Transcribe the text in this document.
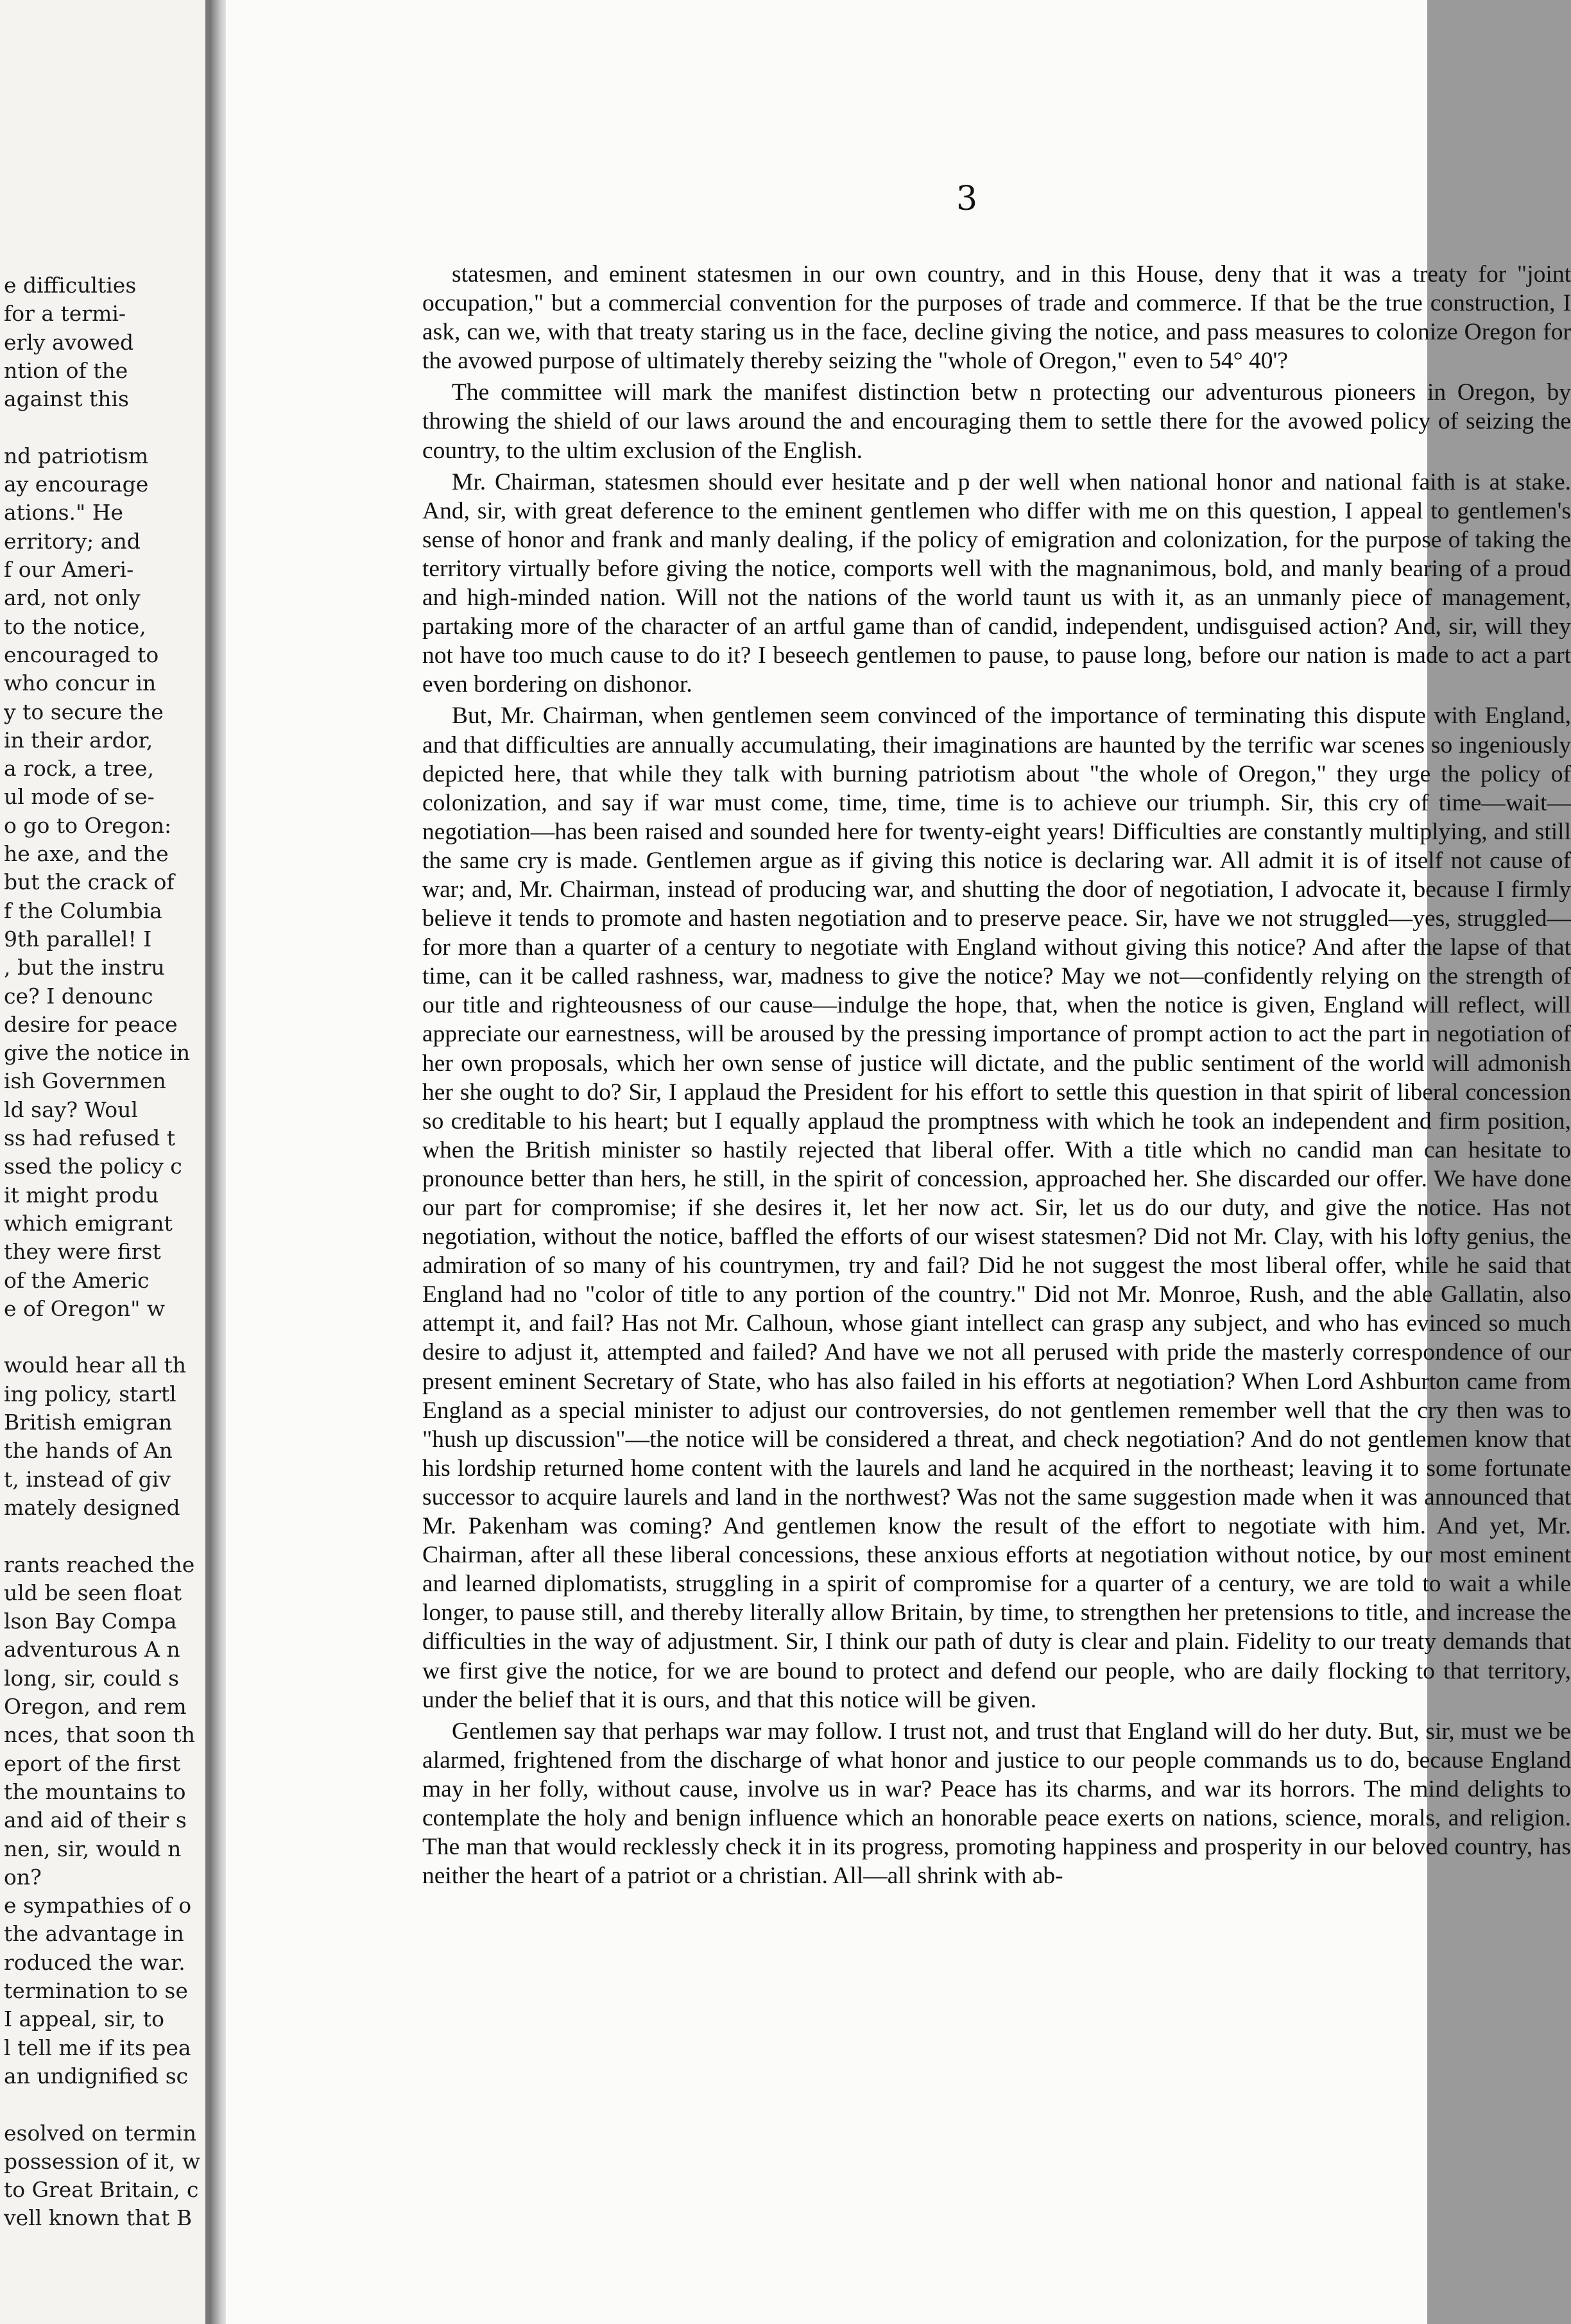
e difficulties
for a termi-
erly avowed
ntion of the
against this
nd patriotism
ay encourage
ations." He
erritory; and
f our Ameri-
ard, not only
to the notice,
encouraged to
who concur in
y to secure the
in their ardor,
a rock, a tree,
ul mode of se-
o go to Oregon:
he axe, and the
but the crack of
f the Columbia
9th parallel! I
, but the instru
ce? I denounc
desire for peace
give the notice in
ish Governmen
ld say? Woul
ss had refused t
ssed the policy c
it might produ
which emigrant
they were first
of the Americ
e of Oregon" w
would hear all th
ing policy, startl
British emigran
the hands of An
t, instead of giv
mately designed
rants reached the
uld be seen float
lson Bay Compa
adventurous A n
long, sir, could s
Oregon, and rem
nces, that soon th
eport of the first
the mountains to
and aid of their s
nen, sir, would n
on?
e sympathies of o
the advantage in
roduced the war.
termination to se
I appeal, sir, to
l tell me if its pea
an undignified sc
esolved on termin
possession of it, w
to Great Britain, c
vell known that B
3

statesmen, and eminent statesmen in our own country, and in this House, deny that it was a treaty for "joint occupation," but a commercial convention for the purposes of trade and commerce. If that be the true construction, I ask, can we, with that treaty staring us in the face, decline giving the notice, and pass measures to colonize Oregon for the avowed purpose of ultimately thereby seizing the "whole of Oregon," even to 54° 40'?

The committee will mark the manifest distinction betw n protecting our adventurous pioneers in Oregon, by throwing the shield of our laws around the and encouraging them to settle there for the avowed policy of seizing the country, to the ultim exclusion of the English.

Mr. Chairman, statesmen should ever hesitate and p der well when national honor and national faith is at stake. And, sir, with great deference to the eminent gentlemen who differ with me on this question, I appeal to gentlemen's sense of honor and frank and manly dealing, if the policy of emigration and colonization, for the purpose of taking the territory virtually before giving the notice, comports well with the magnanimous, bold, and manly bearing of a proud and high-minded nation. Will not the nations of the world taunt us with it, as an unmanly piece of management, partaking more of the character of an artful game than of candid, independent, undisguised action? And, sir, will they not have too much cause to do it? I beseech gentlemen to pause, to pause long, before our nation is made to act a part even bordering on dishonor.

But, Mr. Chairman, when gentlemen seem convinced of the importance of terminating this dispute with England, and that difficulties are annually accumulating, their imaginations are haunted by the terrific war scenes so ingeniously depicted here, that while they talk with burning patriotism about "the whole of Oregon," they urge the policy of colonization, and say if war must come, time, time, time is to achieve our triumph. Sir, this cry of time—wait—negotiation—has been raised and sounded here for twenty-eight years! Difficulties are constantly multiplying, and still the same cry is made. Gentlemen argue as if giving this notice is declaring war. All admit it is of itself not cause of war; and, Mr. Chairman, instead of producing war, and shutting the door of negotiation, I advocate it, because I firmly believe it tends to promote and hasten negotiation and to preserve peace. Sir, have we not struggled—yes, struggled—for more than a quarter of a century to negotiate with England without giving this notice? And after the lapse of that time, can it be called rashness, war, madness to give the notice? May we not—confidently relying on the strength of our title and righteousness of our cause—indulge the hope, that, when the notice is given, England will reflect, will appreciate our earnestness, will be aroused by the pressing importance of prompt action to act the part in negotiation of her own proposals, which her own sense of justice will dictate, and the public sentiment of the world will admonish her she ought to do? Sir, I applaud the President for his effort to settle this question in that spirit of liberal concession so creditable to his heart; but I equally applaud the promptness with which he took an independent and firm position, when the British minister so hastily rejected that liberal offer. With a title which no candid man can hesitate to pronounce better than hers, he still, in the spirit of concession, approached her. She discarded our offer. We have done our part for compromise; if she desires it, let her now act. Sir, let us do our duty, and give the notice. Has not negotiation, without the notice, baffled the efforts of our wisest statesmen? Did not Mr. Clay, with his lofty genius, the admiration of so many of his countrymen, try and fail? Did he not suggest the most liberal offer, while he said that England had no "color of title to any portion of the country." Did not Mr. Monroe, Rush, and the able Gallatin, also attempt it, and fail? Has not Mr. Calhoun, whose giant intellect can grasp any subject, and who has evinced so much desire to adjust it, attempted and failed? And have we not all perused with pride the masterly correspondence of our present eminent Secretary of State, who has also failed in his efforts at negotiation? When Lord Ashburton came from England as a special minister to adjust our controversies, do not gentlemen remember well that the cry then was to "hush up discussion"—the notice will be considered a threat, and check negotiation? And do not gentlemen know that his lordship returned home content with the laurels and land he acquired in the northeast; leaving it to some fortunate successor to acquire laurels and land in the northwest? Was not the same suggestion made when it was announced that Mr. Pakenham was coming? And gentlemen know the result of the effort to negotiate with him. And yet, Mr. Chairman, after all these liberal concessions, these anxious efforts at negotiation without notice, by our most eminent and learned diplomatists, struggling in a spirit of compromise for a quarter of a century, we are told to wait a while longer, to pause still, and thereby literally allow Britain, by time, to strengthen her pretensions to title, and increase the difficulties in the way of adjustment. Sir, I think our path of duty is clear and plain. Fidelity to our treaty demands that we first give the notice, for we are bound to protect and defend our people, who are daily flocking to that territory, under the belief that it is ours, and that this notice will be given.

Gentlemen say that perhaps war may follow. I trust not, and trust that England will do her duty. But, sir, must we be alarmed, frightened from the discharge of what honor and justice to our people commands us to do, because England may in her folly, without cause, involve us in war? Peace has its charms, and war its horrors. The mind delights to contemplate the holy and benign influence which an honorable peace exerts on nations, science, morals, and religion. The man that would recklessly check it in its progress, promoting happiness and prosperity in our beloved country, has neither the heart of a patriot or a christian. All—all shrink with ab-
